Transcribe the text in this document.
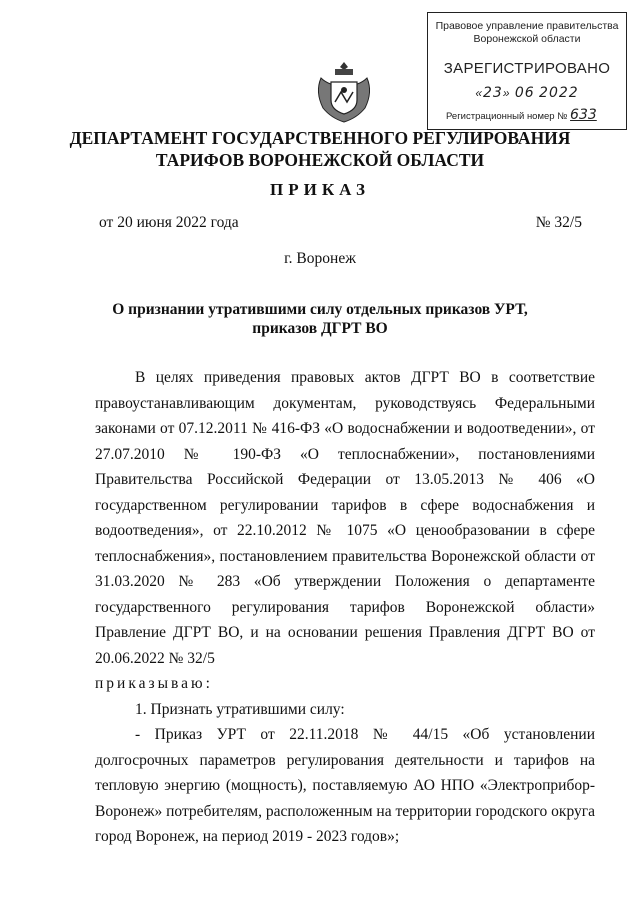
Правовое управление правительства
Воронежской области
ЗАРЕГИСТРИРОВАНО
«23» 06 2022
Регистрационный номер № 633
ДЕПАРТАМЕНТ ГОСУДАРСТВЕННОГО РЕГУЛИРОВАНИЯ
ТАРИФОВ ВОРОНЕЖСКОЙ ОБЛАСТИ
ПРИКАЗ
от 20 июня 2022 года	№ 32/5
г. Воронеж
О признании утратившими силу отдельных приказов УРТ,
приказов ДГРТ ВО

В целях приведения правовых актов ДГРТ ВО в соответствие правоустанавливающим документам, руководствуясь Федеральными законами от 07.12.2011 № 416-ФЗ «О водоснабжении и водоотведении», от 27.07.2010 № 190-ФЗ «О теплоснабжении», постановлениями Правительства Российской Федерации от 13.05.2013 № 406 «О государственном регулировании тарифов в сфере водоснабжения и водоотведения», от 22.10.2012 № 1075 «О ценообразовании в сфере теплоснабжения», постановлением правительства Воронежской области от 31.03.2020 № 283 «Об утверждении Положения о департаменте государственного регулирования тарифов Воронежской области» Правление ДГРТ ВО, и на основании решения Правления ДГРТ ВО от 20.06.2022 № 32/5

приказываю:

1. Признать утратившими силу:

- Приказ УРТ от 22.11.2018 № 44/15 «Об установлении долгосрочных параметров регулирования деятельности и тарифов на тепловую энергию (мощность), поставляемую АО НПО «Электроприбор-Воронеж» потребителям, расположенным на территории городского округа город Воронеж, на период 2019 - 2023 годов»;
